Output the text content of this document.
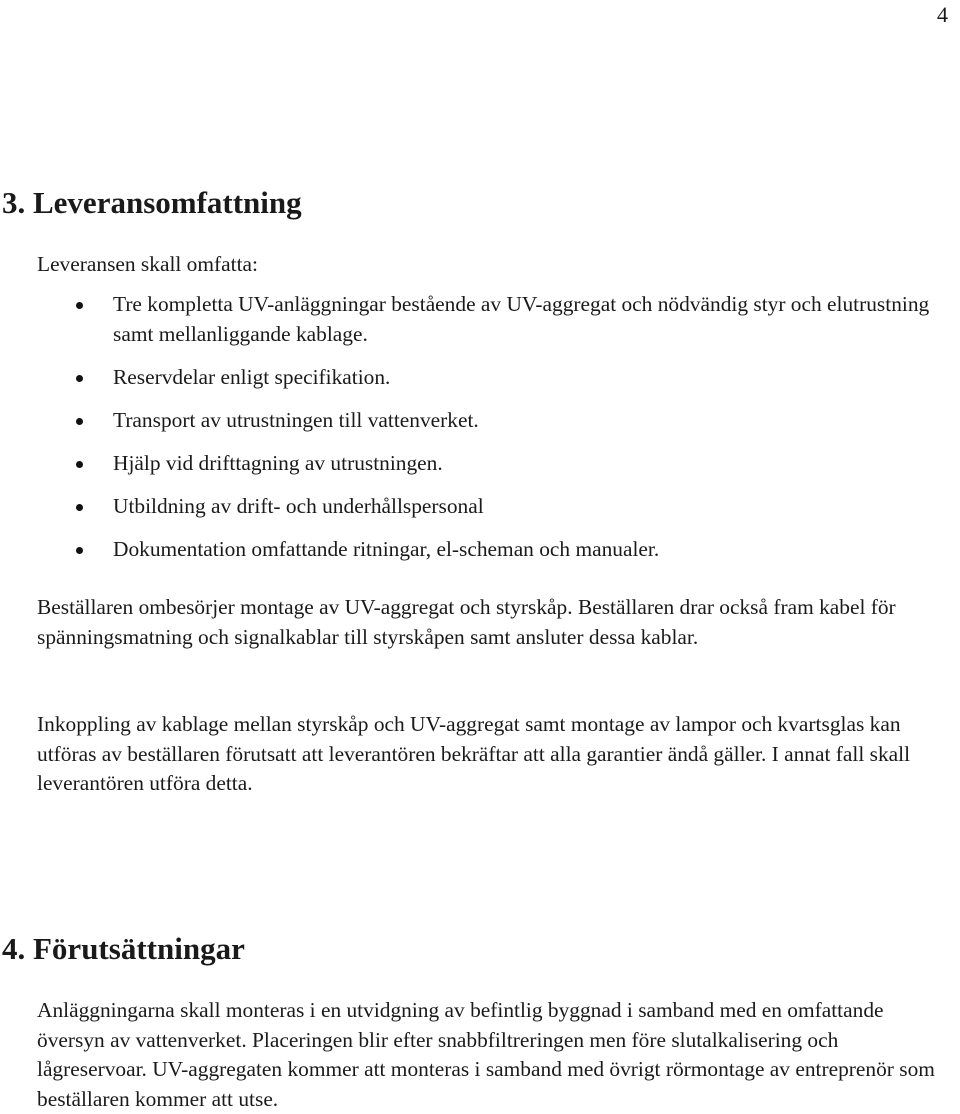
4
3. Leveransomfattning

Leveransen skall omfatta:

Tre kompletta UV-anläggningar bestående av UV-aggregat och nödvändig styr och elutrustning samt mellanliggande kablage.
Reservdelar enligt specifikation.
Transport av utrustningen till vattenverket.
Hjälp vid drifttagning av utrustningen.
Utbildning av drift- och underhållspersonal
Dokumentation omfattande ritningar, el-scheman och manualer.

Beställaren ombesörjer montage av UV-aggregat och styrskåp. Beställaren drar också fram kabel för spänningsmatning och signalkablar till styrskåpen samt ansluter dessa kablar.

Inkoppling av kablage mellan styrskåp och UV-aggregat samt montage av lampor och kvartsglas kan utföras av beställaren förutsatt att leverantören bekräftar att alla garantier ändå gäller. I annat fall skall leverantören utföra detta.

4. Förutsättningar

Anläggningarna skall monteras i en utvidgning av befintlig byggnad i samband med en omfattande översyn av vattenverket. Placeringen blir efter snabbfiltreringen men före slutalkalisering och lågreservoar. UV-aggregaten kommer att monteras i samband med övrigt rörmontage av entreprenör som beställaren kommer att utse.
